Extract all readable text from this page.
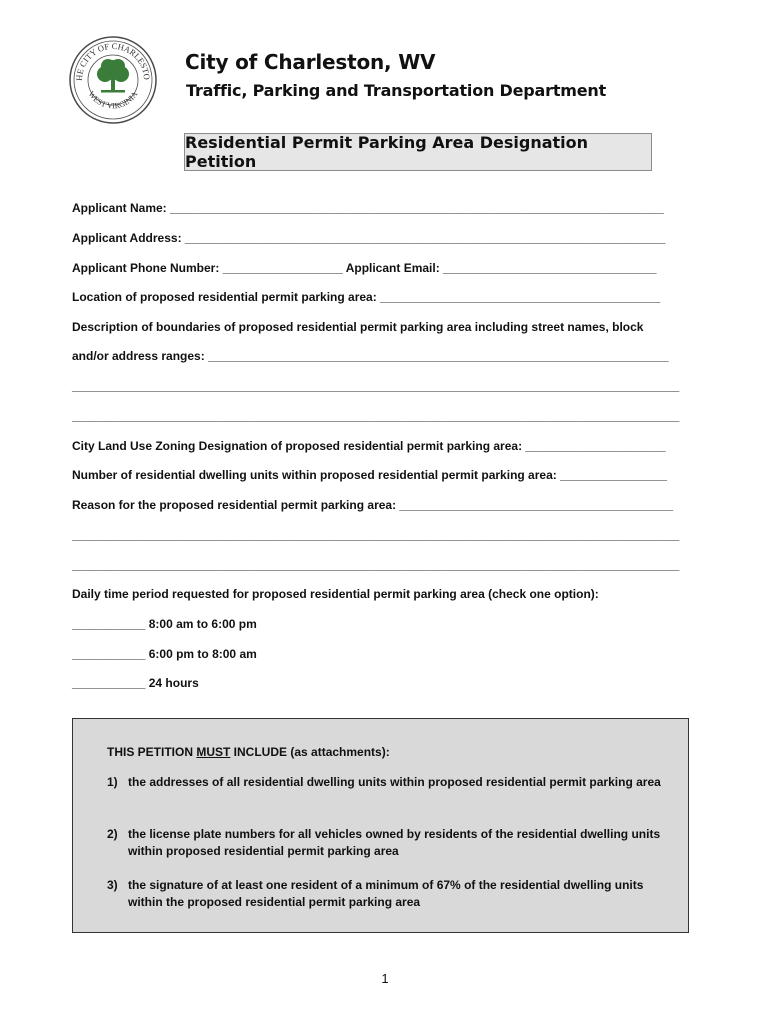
HE CITY OF CHARLESTO
WEST VIRGINIA
City of Charleston, WV
Traffic, Parking and Transportation Department
Residential Permit Parking Area Designation Petition
Applicant Name: __________________________________________________________________________
Applicant Address: ________________________________________________________________________
Applicant Phone Number: __________________ Applicant Email: ________________________________
Location of proposed residential permit parking area: __________________________________________
Description of boundaries of proposed residential permit parking area including street names, block
and/or address ranges: _____________________________________________________________________
___________________________________________________________________________________________
___________________________________________________________________________________________
City Land Use Zoning Designation of proposed residential permit parking area: _____________________
Number of residential dwelling units within proposed residential permit parking area: ________________
Reason for the proposed residential permit parking area: _________________________________________
___________________________________________________________________________________________
___________________________________________________________________________________________
Daily time period requested for proposed residential permit parking area (check one option):
___________ 8:00 am to 6:00 pm
___________ 6:00 pm to 8:00 am
___________ 24 hours
THIS PETITION MUST INCLUDE (as attachments):
1) the addresses of all residential dwelling units within proposed residential permit parking area
2) the license plate numbers for all vehicles owned by residents of the residential dwelling units within proposed residential permit parking area
3) the signature of at least one resident of a minimum of 67% of the residential dwelling units within the proposed residential permit parking area
1
